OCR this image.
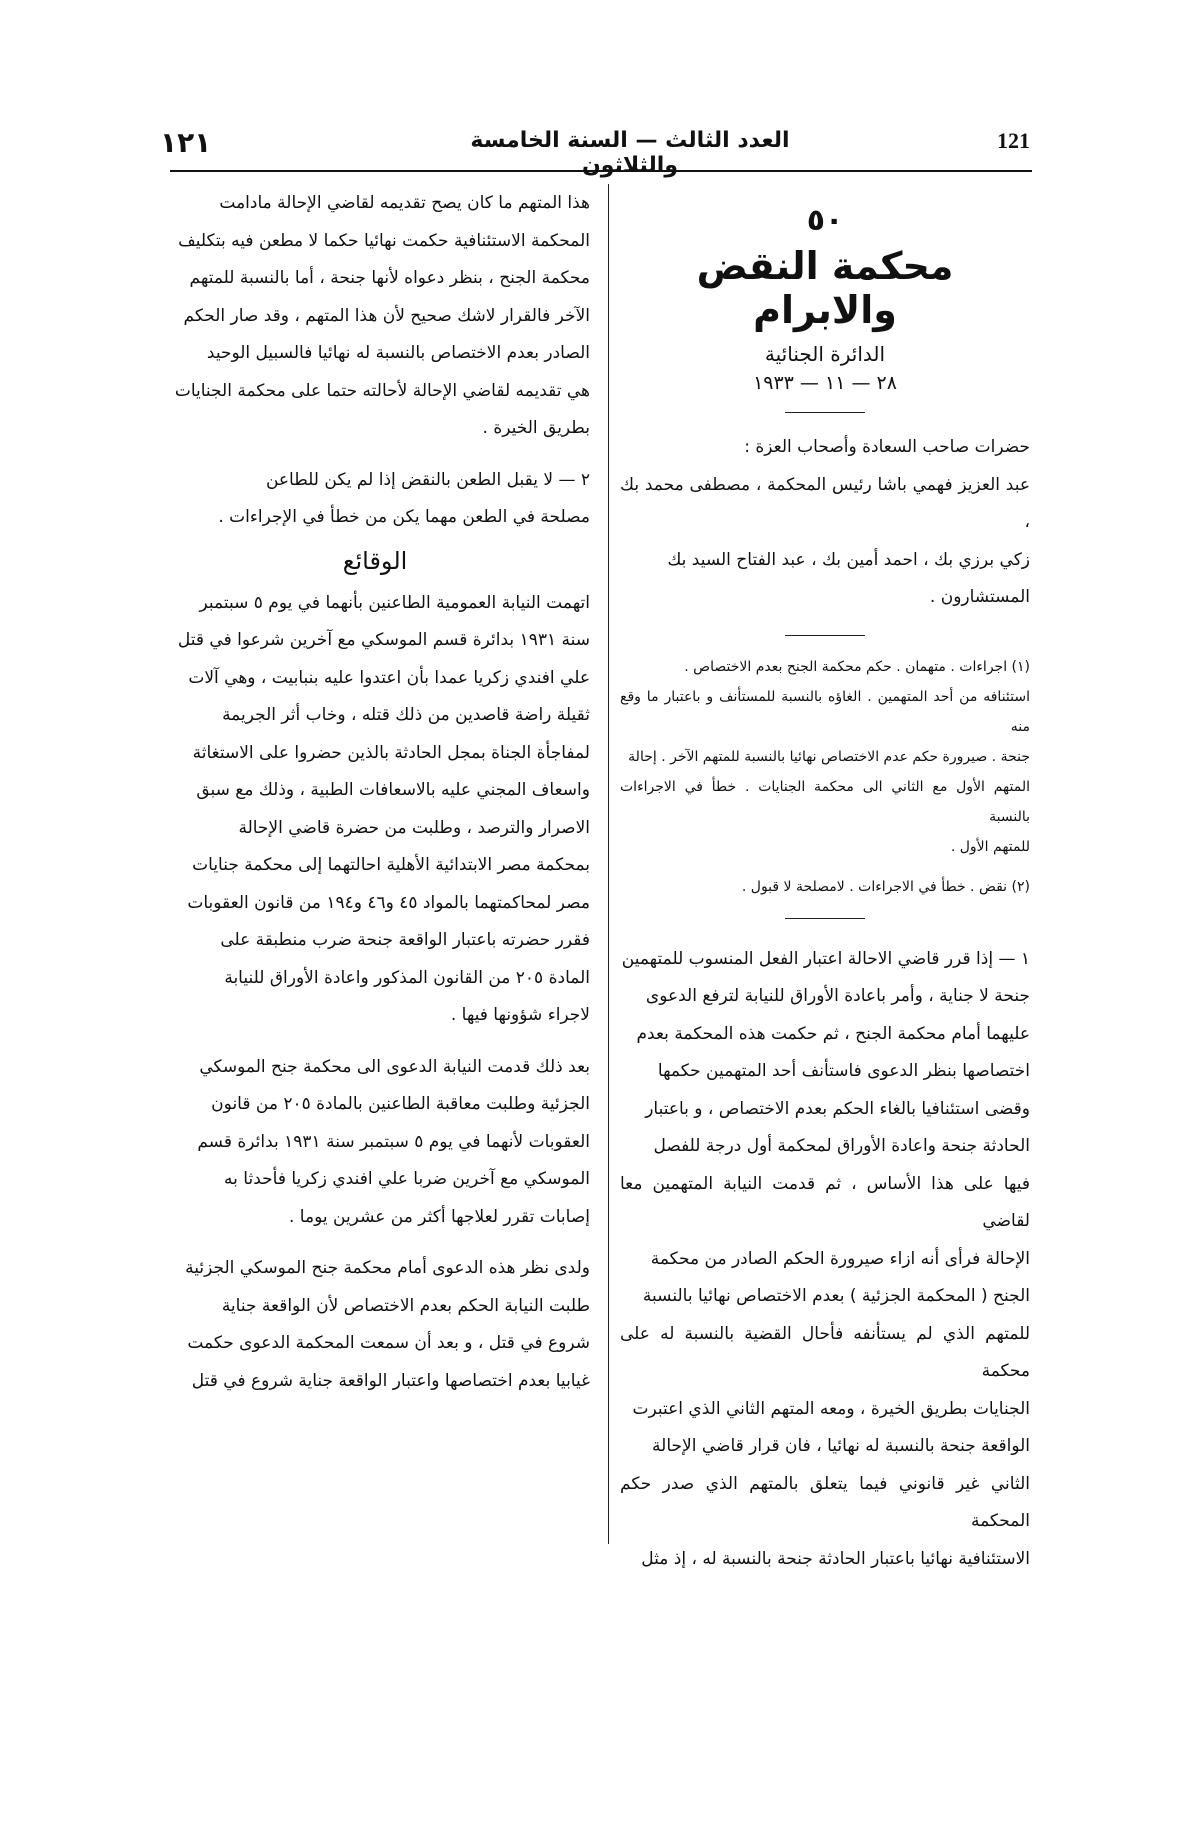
١٢١	العدد الثالث — السنة الخامسة والثلاثون
121
٥٠
محكمة النقض والابرام
الدائرة الجنائية
٢٨ — ١١ — ١٩٣٣

حضرات صاحب السعادة وأصحاب العزة :

عبد العزيز فهمي باشا رئيس المحكمة ، مصطفى محمد بك ،

زكي برزي بك ، احمد أمين بك ، عبد الفتاح السيد بك

المستشارون .

(١) اجراءات . متهمان . حكم محكمة الجنح بعدم الاختصاص .

استئنافه من أحد المتهمين . الغاؤه بالنسبة للمستأنف و باعتبار ما وقع منه

جنحة . صيرورة حكم عدم الاختصاص نهائيا بالنسبة للمتهم الآخر . إحالة

المتهم الأول مع الثاني الى محكمة الجنايات . خطأ في الاجراءات بالنسبة

للمتهم الأول .

(٢) نقض . خطأ في الاجراءات . لامصلحة لا قبول .

١ — إذا قرر قاضي الاحالة اعتبار الفعل المنسوب للمتهمين

جنحة لا جناية ، وأمر باعادة الأوراق للنيابة لترفع الدعوى

عليهما أمام محكمة الجنح ، ثم حكمت هذه المحكمة بعدم

اختصاصها بنظر الدعوى فاستأنف أحد المتهمين حكمها

وقضى استئنافيا بالغاء الحكم بعدم الاختصاص ، و باعتبار

الحادثة جنحة واعادة الأوراق لمحكمة أول درجة للفصل

فيها على هذا الأساس ، ثم قدمت النيابة المتهمين معا لقاضي

الإحالة فرأى أنه ازاء صيرورة الحكم الصادر من محكمة

الجنح ( المحكمة الجزئية ) بعدم الاختصاص نهائيا بالنسبة

للمتهم الذي لم يستأنفه فأحال القضية بالنسبة له على محكمة

الجنايات بطريق الخيرة ، ومعه المتهم الثاني الذي اعتبرت

الواقعة جنحة بالنسبة له نهائيا ، فان قرار قاضي الإحالة

الثاني غير قانوني فيما يتعلق بالمتهم الذي صدر حكم المحكمة

الاستئنافية نهائيا باعتبار الحادثة جنحة بالنسبة له ، إذ مثل

هذا المتهم ما كان يصح تقديمه لقاضي الإحالة مادامت

المحكمة الاستئنافية حكمت نهائيا حكما لا مطعن فيه بتكليف

محكمة الجنح ، بنظر دعواه لأنها جنحة ، أما بالنسبة للمتهم

الآخر فالقرار لاشك صحيح لأن هذا المتهم ، وقد صار الحكم

الصادر بعدم الاختصاص بالنسبة له نهائيا فالسبيل الوحيد

هي تقديمه لقاضي الإحالة لأحالته حتما على محكمة الجنايات

بطريق الخيرة .

٢ — لا يقبل الطعن بالنقض إذا لم يكن للطاعن

مصلحة في الطعن مهما يكن من خطأ في الإجراءات .

الوقائع

اتهمت النيابة العمومية الطاعنين بأنهما في يوم ٥ سبتمبر

سنة ١٩٣١ بدائرة قسم الموسكي مع آخرين شرعوا في قتل

علي افندي زكريا عمدا بأن اعتدوا عليه بنبابيت ، وهي آلات

ثقيلة راضة قاصدين من ذلك قتله ، وخاب أثر الجريمة

لمفاجأة الجناة بمجل الحادثة بالذين حضروا على الاستغاثة

واسعاف المجني عليه بالاسعافات الطبية ، وذلك مع سبق

الاصرار والترصد ، وطلبت من حضرة قاضي الإحالة

بمحكمة مصر الابتدائية الأهلية احالتهما إلى محكمة جنايات

مصر لمحاكمتهما بالمواد ٤٥ و٤٦ و١٩٤ من قانون العقوبات

فقرر حضرته باعتبار الواقعة جنحة ضرب منطبقة على

المادة ٢٠٥ من القانون المذكور واعادة الأوراق للنيابة

لاجراء شؤونها فيها .

بعد ذلك قدمت النيابة الدعوى الى محكمة جنح الموسكي

الجزئية وطلبت معاقبة الطاعنين بالمادة ٢٠٥ من قانون

العقوبات لأنهما في يوم ٥ سبتمبر سنة ١٩٣١ بدائرة قسم

الموسكي مع آخرين ضربا علي افندي زكريا فأحدثا به

إصابات تقرر لعلاجها أكثر من عشرين يوما .

ولدى نظر هذه الدعوى أمام محكمة جنح الموسكي الجزئية

طلبت النيابة الحكم بعدم الاختصاص لأن الواقعة جناية

شروع في قتل ، و بعد أن سمعت المحكمة الدعوى حكمت

غيابيا بعدم اختصاصها واعتبار الواقعة جناية شروع في قتل
